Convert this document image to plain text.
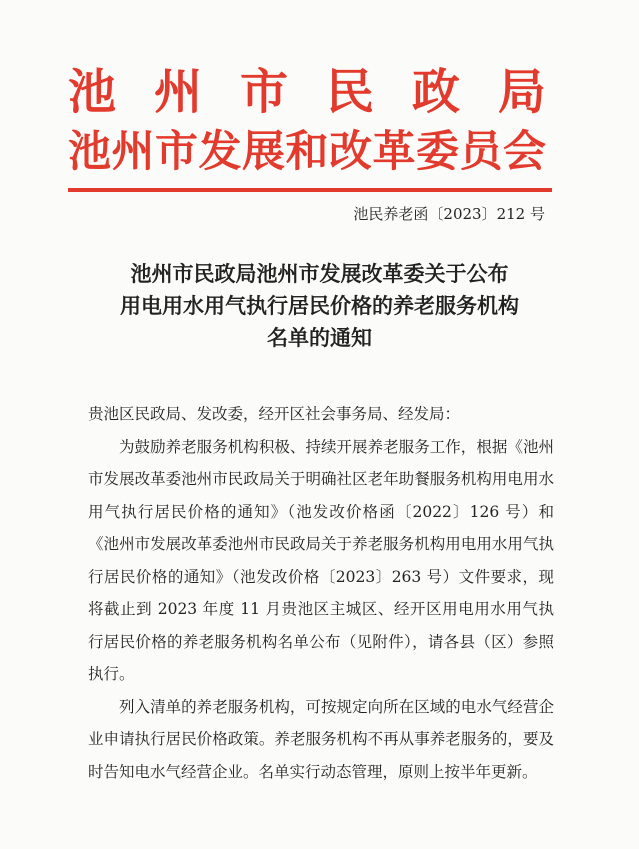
池 州 市 民 政 局
池州市发展和改革委员会
池民养老函〔2023〕212 号
池州市民政局池州市发展改革委关于公布
用电用水用气执行居民价格的养老服务机构
名单的通知

贵池区民政局、发改委，经开区社会事务局、经发局：

为鼓励养老服务机构积极、持续开展养老服务工作，根据《池州市发展改革委池州市民政局关于明确社区老年助餐服务机构用电用水用气执行居民价格的通知》（池发改价格函〔2022〕126 号）和《池州市发展改革委池州市民政局关于养老服务机构用电用水用气执行居民价格的通知》（池发改价格〔2023〕263 号）文件要求，现将截止到 2023 年度 11 月贵池区主城区、经开区用电用水用气执行居民价格的养老服务机构名单公布（见附件），请各县（区）参照执行。

列入清单的养老服务机构，可按规定向所在区域的电水气经营企业申请执行居民价格政策。养老服务机构不再从事养老服务的，要及时告知电水气经营企业。名单实行动态管理，原则上按半年更新。
